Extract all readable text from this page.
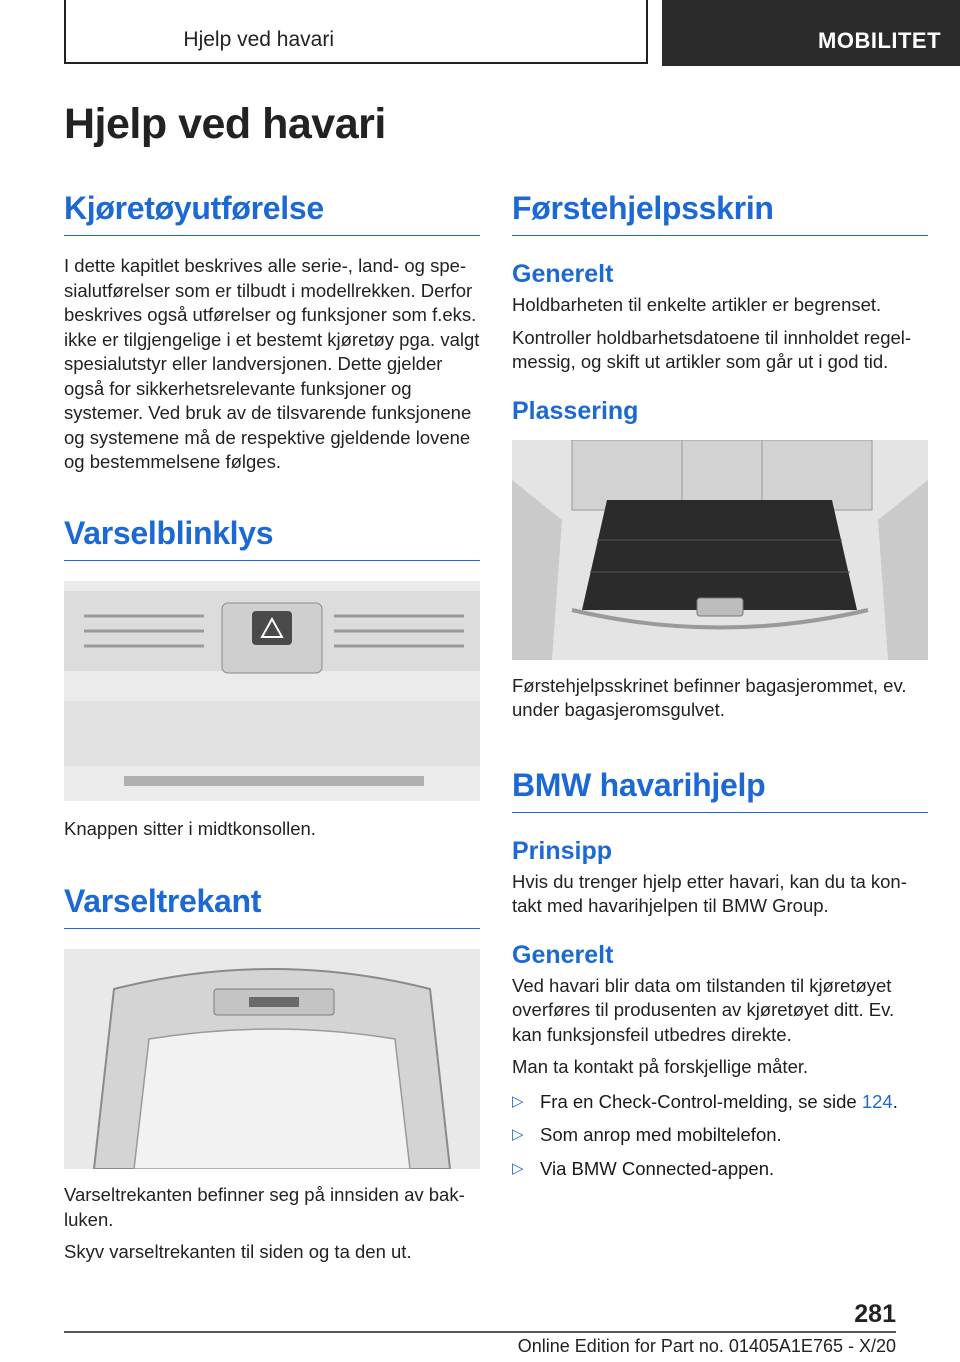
Hjelp ved havari	MOBILITET
Hjelp ved havari
Kjøretøyutførelse

I dette kapitlet beskrives alle serie-, land- og spesialutførelser som er tilbudt i modellrekken. Derfor beskrives også utførelser og funksjoner som f.eks. ikke er tilgjengelige i et bestemt kjøretøy pga. valgt spesialutstyr eller landversjonen. Dette gjelder også for sikkerhetsrelevante funksjoner og systemer. Ved bruk av de tilsvarende funksjonene og systemene må de respektive gjeldende lovene og bestemmelsene følges.

Varselblinklys

Knappen sitter i midtkonsollen.

Varseltrekant

Varseltrekanten befinner seg på innsiden av bakluken.

Skyv varseltrekanten til siden og ta den ut.

Førstehjelpsskrin
Generelt

Holdbarheten til enkelte artikler er begrenset.

Kontroller holdbarhetsdatoene til innholdet regelmessig, og skift ut artikler som går ut i god tid.

Plassering

Førstehjelpsskrinet befinner bagasjerommet, ev. under bagasjeromsgulvet.

BMW havarihjelp
Prinsipp

Hvis du trenger hjelp etter havari, kan du ta kontakt med havarihjelpen til BMW Group.

Generelt

Ved havari blir data om tilstanden til kjøretøyet overføres til produsenten av kjøretøyet ditt. Ev. kan funksjonsfeil utbedres direkte.

Man ta kontakt på forskjellige måter.

▷ Fra en Check-Control-melding, se side 124.
▷ Som anrop med mobiltelefon.
▷ Via BMW Connected-appen.
281
Online Edition for Part no. 01405A1E765 - X/20
